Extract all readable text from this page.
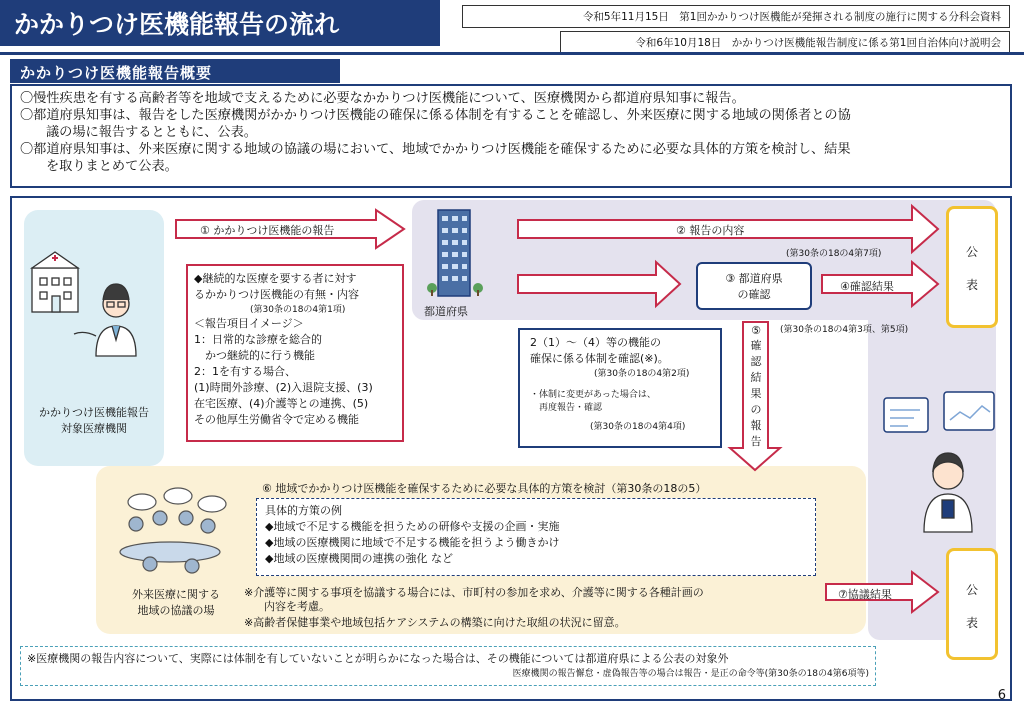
かかりつけ医機能報告の流れ	令和5年11月15日　第1回かかりつけ医機能が発揮される制度の施行に関する分科会資料
令和6年10月18日　かかりつけ医機能報告制度に係る第1回自治体向け説明会
かかりつけ医機能報告概要

〇慢性疾患を有する高齢者等を地域で支えるために必要なかかりつけ医機能について、医療機関から都道府県知事に報告。

〇都道府県知事は、報告をした医療機関がかかりつけ医機能の確保に係る体制を有することを確認し、外来医療に関する地域の関係者との協

議の場に報告するとともに、公表。

〇都道府県知事は、外来医療に関する地域の協議の場において、地域でかかりつけ医機能を確保するために必要な具体的方策を検討し、結果

を取りまとめて公表。

かかりつけ医機能報告
対象医療機関
① かかりつけ医機能の報告
◆継続的な医療を要する者に対す
るかかりつけ医機能の有無・内容
(第30条の18の4第1項)
＜報告項目イメージ＞
1：日常的な診療を総合的
　かつ継続的に行う機能
2：1を有する場合、
(1)時間外診療、(2)入退院支援、(3)
在宅医療、(4)介護等との連携、(5)
その他厚生労働省令で定める機能
都道府県
② 報告の内容
(第30条の18の4第7項)
③ 都道府県
の確認
④確認結果
(第30条の18の4第3項、第5項)
2（1）～（4）等の機能の
確保に係る体制を確認(※)。
(第30条の18の4第2項)
・体制に変更があった場合は、
　再度報告・確認
(第30条の18の4第4項)
⑤
確
認
結
果
の
報
告
公
表
公
表
⑥ 地域でかかりつけ医機能を確保するために必要な具体的方策を検討（第30条の18の5）
具体的方策の例
◆地域で不足する機能を担うための研修や支援の企画・実施
◆地域の医療機関に地域で不足する機能を担うよう働きかけ
◆地域の医療機関間の連携の強化 など
外来医療に関する
地域の協議の場
※介護等に関する事項を協議する場合には、市町村の参加を求め、介護等に関する各種計画の
内容を考慮。
※高齢者保健事業や地域包括ケアシステムの構築に向けた取組の状況に留意。
⑦協議結果
※医療機関の報告内容について、実際には体制を有していないことが明らかになった場合は、その機能については都道府県による公表の対象外
医療機関の報告懈怠・虚偽報告等の場合は報告・是正の命令等(第30条の18の4第6項等)
6
